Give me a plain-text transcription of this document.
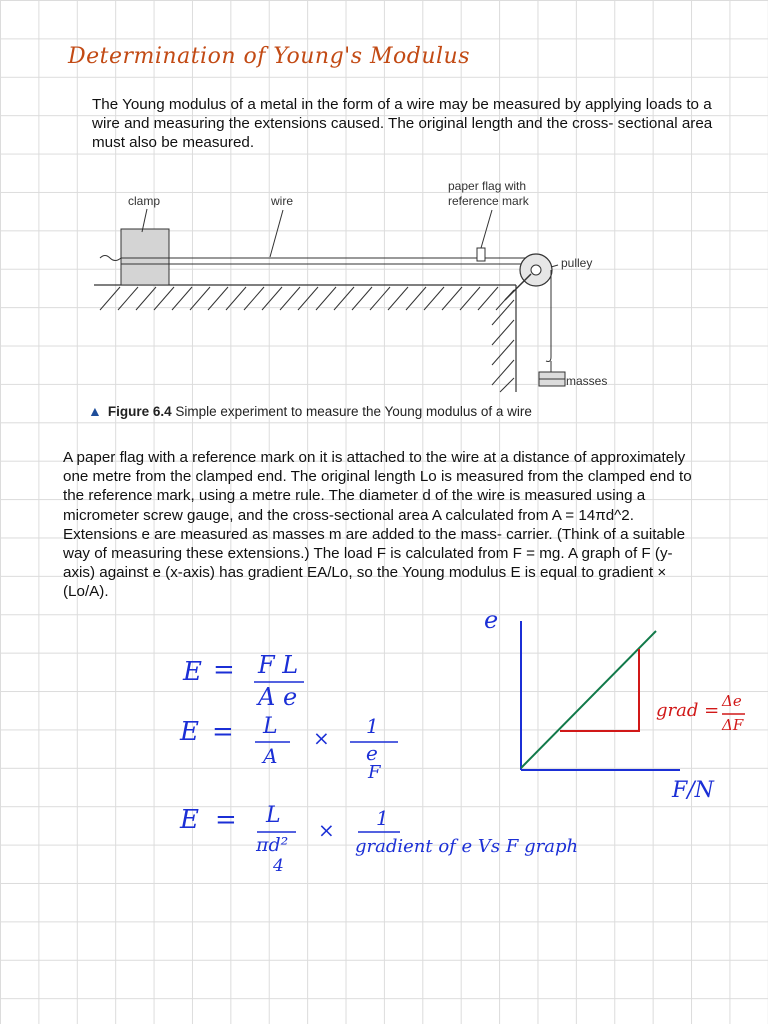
Determination of Young's Modulus

The Young modulus of a metal in the form of a wire may be measured by applying loads to a wire and measuring the extensions caused. The original length and the cross- sectional area must also be measured.

clamp	wire
paper flag with
reference mark
pulley
masses
▲ Figure 6.4 Simple experiment to measure the Young modulus of a wire

A paper flag with a reference mark on it is attached to the wire at a distance of approximately one metre from the clamped end. The original length Lo is measured from the clamped end to the reference mark, using a metre rule. The diameter d of the wire is measured using a micrometer screw gauge, and the cross-sectional area A calculated from A = 14πd^2. Extensions e are measured as masses m are added to the mass- carrier. (Think of a suitable way of measuring these extensions.) The load F is calculated from F = mg. A graph of F (y-axis) against e (x-axis) has gradient EA/Lo, so the Young modulus E is equal to gradient × (Lo/A).

e
F/N
grad = Δe
ΔF
E = F L
A e
E = L
A
× 1
e
F
E = L
πd²
4
× 1
gradient of e Vs F graph
